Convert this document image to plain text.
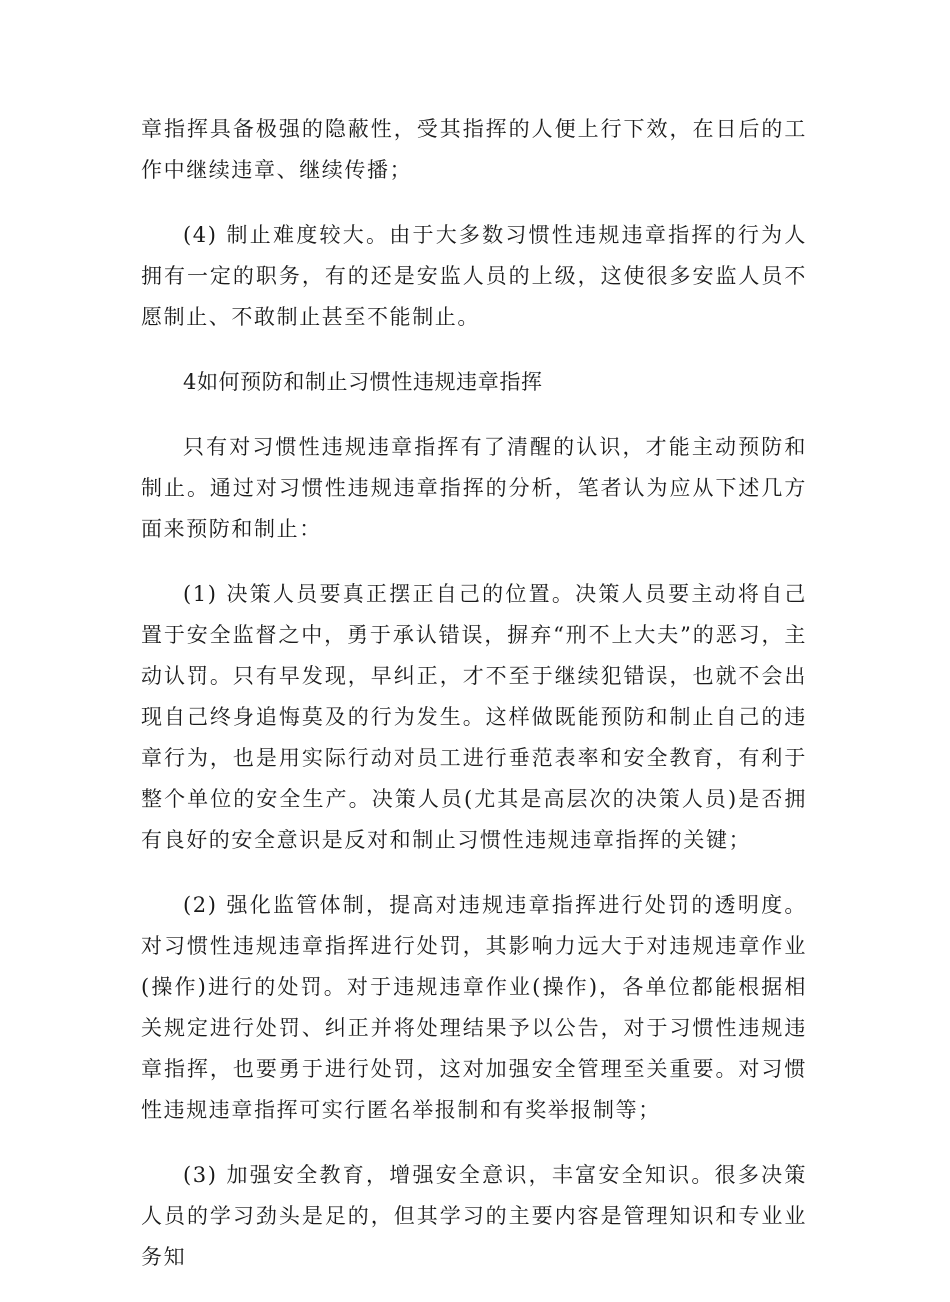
章指挥具备极强的隐蔽性，受其指挥的人便上行下效，在日后的工作中继续违章、继续传播；

(4) 制止难度较大。由于大多数习惯性违规违章指挥的行为人拥有一定的职务，有的还是安监人员的上级，这使很多安监人员不愿制止、不敢制止甚至不能制止。

4如何预防和制止习惯性违规违章指挥

只有对习惯性违规违章指挥有了清醒的认识，才能主动预防和制止。通过对习惯性违规违章指挥的分析，笔者认为应从下述几方面来预防和制止：

(1) 决策人员要真正摆正自己的位置。决策人员要主动将自己置于安全监督之中，勇于承认错误，摒弃“刑不上大夫”的恶习，主动认罚。只有早发现，早纠正，才不至于继续犯错误，也就不会出现自己终身追悔莫及的行为发生。这样做既能预防和制止自己的违章行为，也是用实际行动对员工进行垂范表率和安全教育，有利于整个单位的安全生产。决策人员(尤其是高层次的决策人员)是否拥有良好的安全意识是反对和制止习惯性违规违章指挥的关键；

(2) 强化监管体制，提高对违规违章指挥进行处罚的透明度。对习惯性违规违章指挥进行处罚，其影响力远大于对违规违章作业(操作)进行的处罚。对于违规违章作业(操作)，各单位都能根据相关规定进行处罚、纠正并将处理结果予以公告，对于习惯性违规违章指挥，也要勇于进行处罚，这对加强安全管理至关重要。对习惯性违规违章指挥可实行匿名举报制和有奖举报制等；

(3) 加强安全教育，增强安全意识，丰富安全知识。很多决策人员的学习劲头是足的，但其学习的主要内容是管理知识和专业业务知
